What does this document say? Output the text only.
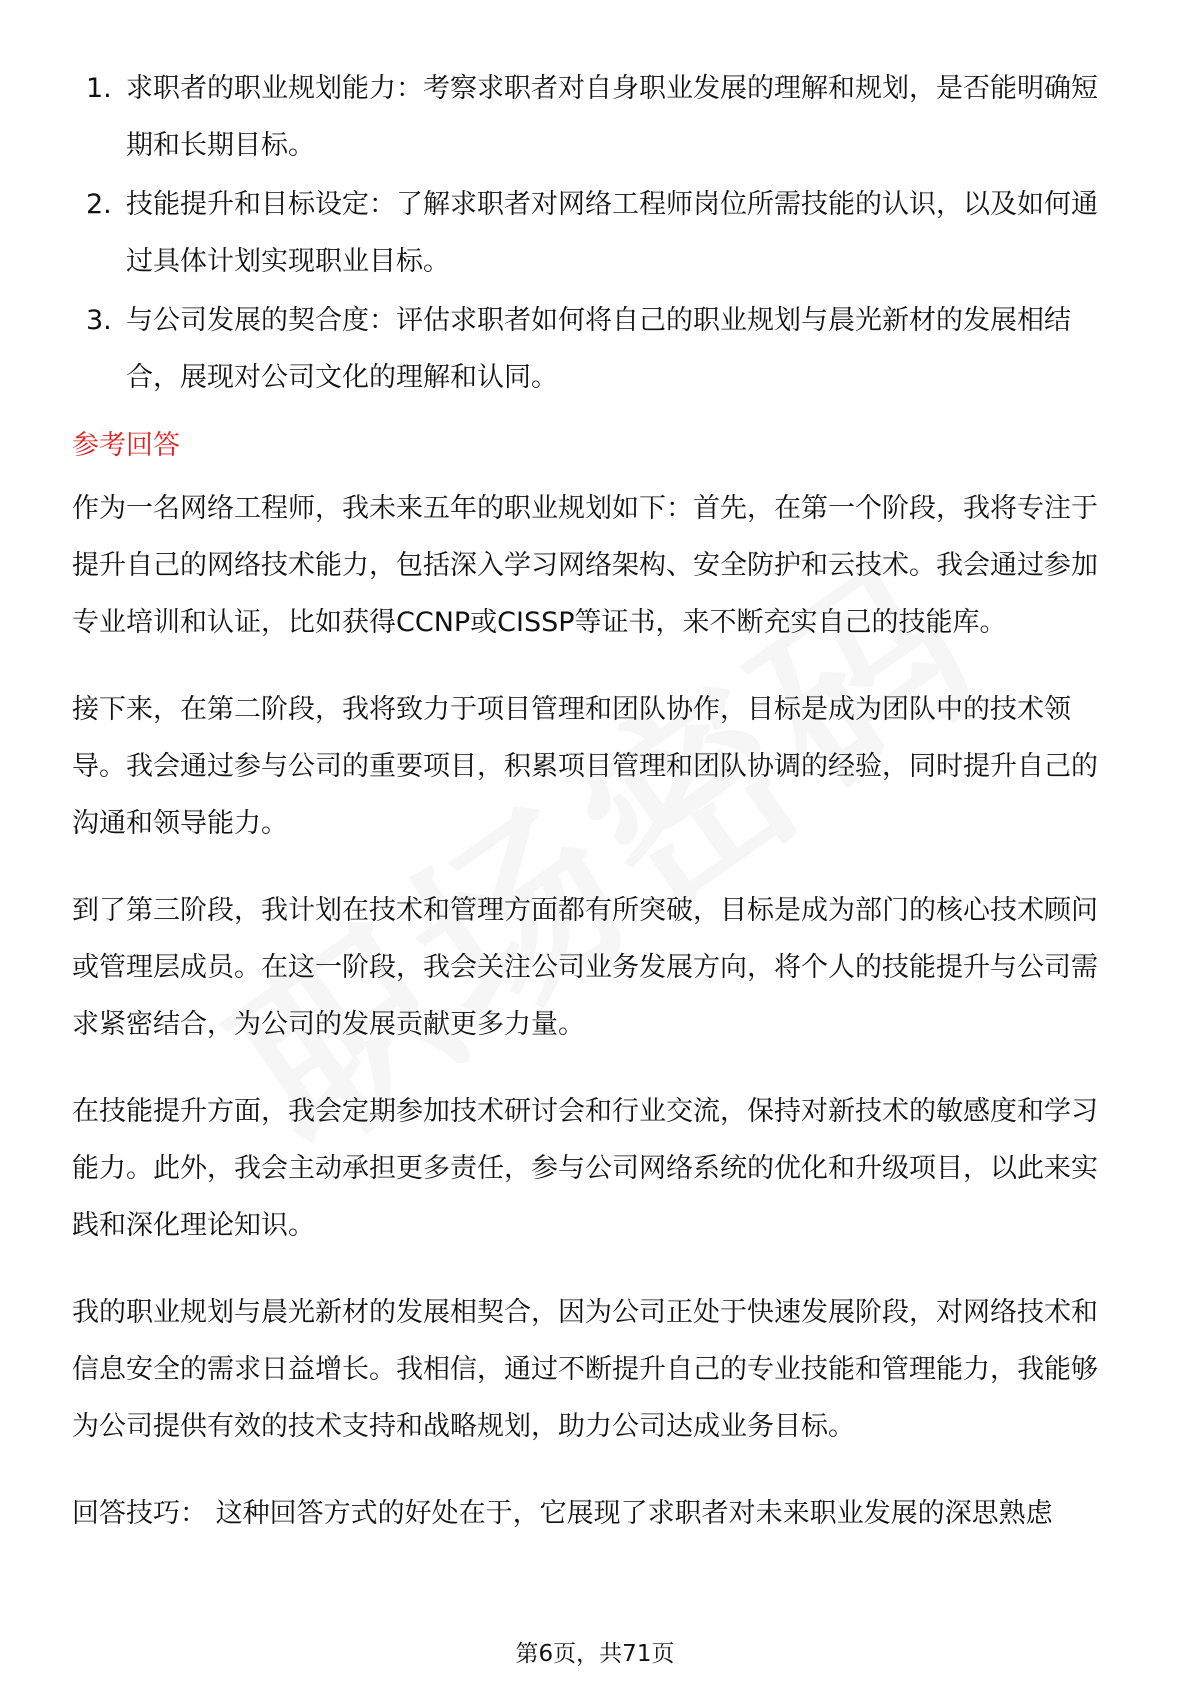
1. 求职者的职业规划能力：考察求职者对自身职业发展的理解和规划，是否能明确短期和长期目标。
2. 技能提升和目标设定：了解求职者对网络工程师岗位所需技能的认识，以及如何通过具体计划实现职业目标。
3. 与公司发展的契合度：评估求职者如何将自己的职业规划与晨光新材的发展相结合，展现对公司文化的理解和认同。
参考回答

作为一名网络工程师，我未来五年的职业规划如下：首先，在第一个阶段，我将专注于提升自己的网络技术能力，包括深入学习网络架构、安全防护和云技术。我会通过参加专业培训和认证，比如获得CCNP或CISSP等证书，来不断充实自己的技能库。

接下来，在第二阶段，我将致力于项目管理和团队协作，目标是成为团队中的技术领导。我会通过参与公司的重要项目，积累项目管理和团队协调的经验，同时提升自己的沟通和领导能力。

到了第三阶段，我计划在技术和管理方面都有所突破，目标是成为部门的核心技术顾问或管理层成员。在这一阶段，我会关注公司业务发展方向，将个人的技能提升与公司需求紧密结合，为公司的发展贡献更多力量。

在技能提升方面，我会定期参加技术研讨会和行业交流，保持对新技术的敏感度和学习能力。此外，我会主动承担更多责任，参与公司网络系统的优化和升级项目，以此来实践和深化理论知识。

我的职业规划与晨光新材的发展相契合，因为公司正处于快速发展阶段，对网络技术和信息安全的需求日益增长。我相信，通过不断提升自己的专业技能和管理能力，我能够为公司提供有效的技术支持和战略规划，助力公司达成业务目标。

回答技巧： 这种回答方式的好处在于，它展现了求职者对未来职业发展的深思熟虑

第6页，共71页
